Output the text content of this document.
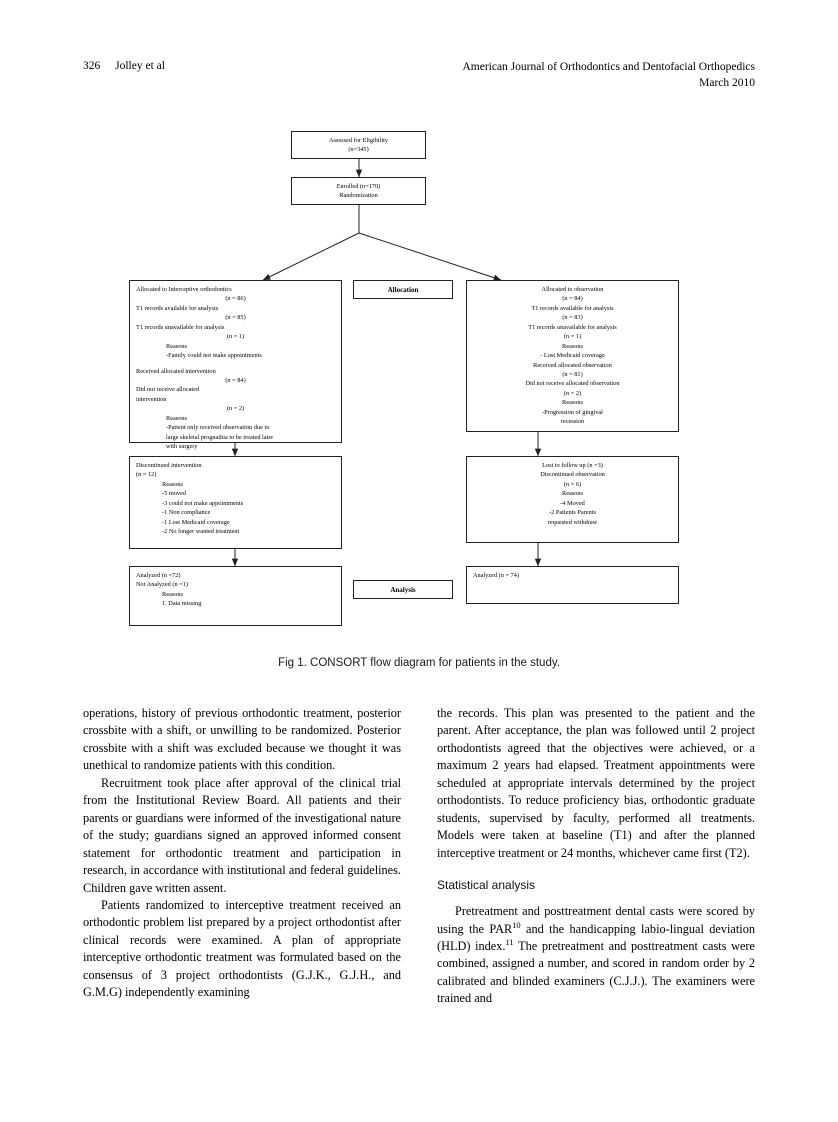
326 Jolley et al	American Journal of Orthodontics and Dentofacial Orthopedics
March 2010
Assessed for Eligibility
(n=345)
Enrolled (n=170)
Randomization
Allocation
Analysis
Allocated to Interceptive orthodontics
(n = 86)
T1 records available for analysis
(n = 85)
T1 records unavailable for analysis
(n = 1)
Reasons
-Family could not make appointments
Received allocated intervention
(n = 84)
Did not receive allocated
intervention
(n = 2)
Reasons
-Patient only received observation due to
large skeletal prognathia to be treated later
with surgery
Allocated to observation
(n = 84)
T1 records available for analysis
(n = 83)
T1 records unavailable for analysis
(n = 1)
Reasons
- Lost Medicaid coverage
Received allocated observation
(n = 81)
Did not receive allocated observation
(n = 2)
Reasons
-Progression of gingival
recession
Discontinued intervention
(n = 12)
Reasons
-5 moved
-3 could not make appointments
-1 Non compliance
-1 Lost Medicaid coverage
-2 No longer wanted treatment
Lost to follow up (n =3)
Discontinued observation
(n = 6)
Reasons
-4 Moved
-2 Patients Parents
requested withdraw
Analyzed (n =72)
Not Analyzed (n =1)
Reasons
1. Data missing
Analyzed (n = 74)
Fig 1. CONSORT flow diagram for patients in the study.

operations, history of previous orthodontic treatment, posterior crossbite with a shift, or unwilling to be randomized. Posterior crossbite with a shift was excluded because we thought it was unethical to randomize patients with this condition.

Recruitment took place after approval of the clinical trial from the Institutional Review Board. All patients and their parents or guardians were informed of the investigational nature of the study; guardians signed an approved informed consent statement for orthodontic treatment and participation in research, in accordance with institutional and federal guidelines. Children gave written assent.

Patients randomized to interceptive treatment received an orthodontic problem list prepared by a project orthodontist after clinical records were examined. A plan of appropriate interceptive orthodontic treatment was formulated based on the consensus of 3 project orthodontists (G.J.K., G.J.H., and G.M.G) independently examining

the records. This plan was presented to the patient and the parent. After acceptance, the plan was followed until 2 project orthodontists agreed that the objectives were achieved, or a maximum 2 years had elapsed. Treatment appointments were scheduled at appropriate intervals determined by the project orthodontists. To reduce proficiency bias, orthodontic graduate students, supervised by faculty, performed all treatments. Models were taken at baseline (T1) and after the planned interceptive treatment or 24 months, whichever came first (T2).

Statistical analysis

Pretreatment and posttreatment dental casts were scored by using the PAR$^{10}$ and the handicapping labio-lingual deviation (HLD) index.$^{11}$ The pretreatment and posttreatment casts were combined, assigned a number, and scored in random order by 2 calibrated and blinded examiners (C.J.J.). The examiners were trained and
